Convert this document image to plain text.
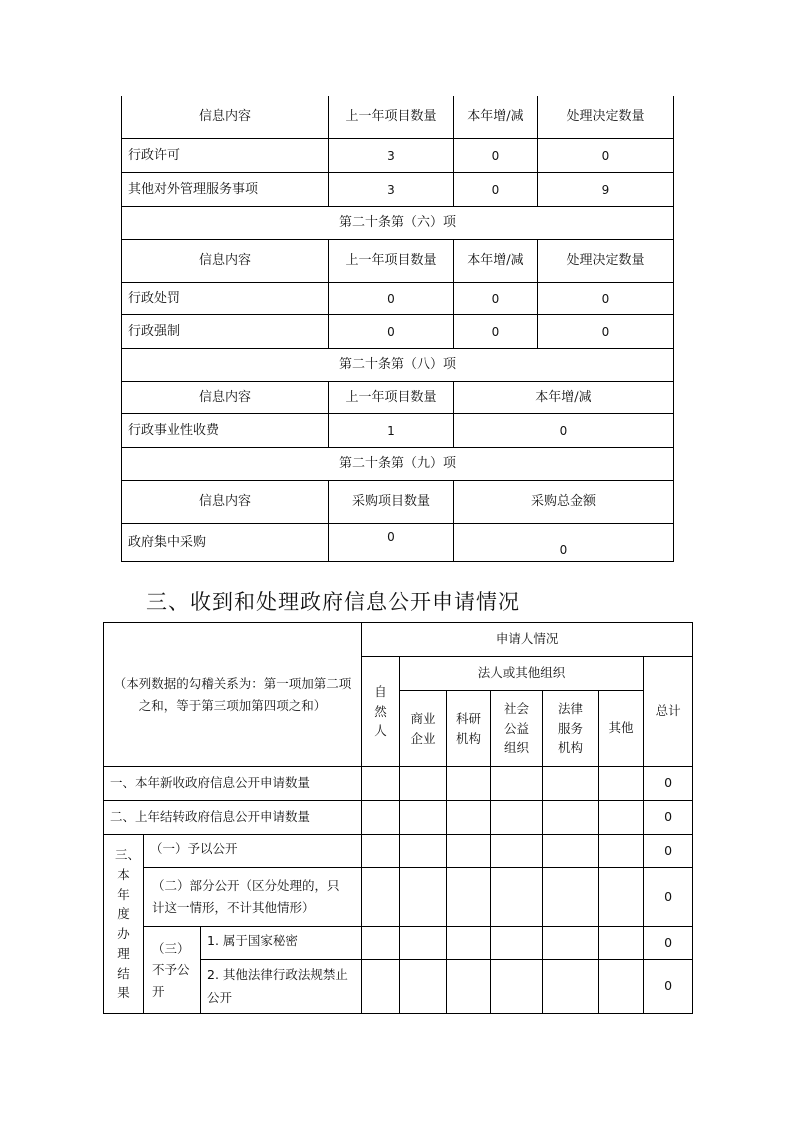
信息内容	上一年项目数量	本年增/减	处理决定数量
行政许可	3	0	0
其他对外管理服务事项	3	0	9
第二十条第（六）项			
信息内容	上一年项目数量	本年增/减	处理决定数量
行政处罚	0	0	0
行政强制	0	0	0
第二十条第（八）项			
信息内容	上一年项目数量	本年增/减	
行政事业性收费	1	0	
第二十条第（九）项			
信息内容	采购项目数量	采购总金额	
政府集中采购	0	0	
三、收到和处理政府信息公开申请情况
（本列数据的勾稽关系为：第一项加第二项之和，等于第三项加第四项之和）			申请人情况						
			自然人	法人或其他组织					总计
				商业企业	科研机构	社会公益组织	法律服务机构	其他	
一、本年新收政府信息公开申请数量									0
二、上年结转政府信息公开申请数量									0
三、本年度办理结果	（一）予以公开								0
	（二）部分公开（区分处理的，只计这一情形，不计其他情形）								0
	（三）不予公开	1. 属于国家秘密							0
		2. 其他法律行政法规禁止公开							0
